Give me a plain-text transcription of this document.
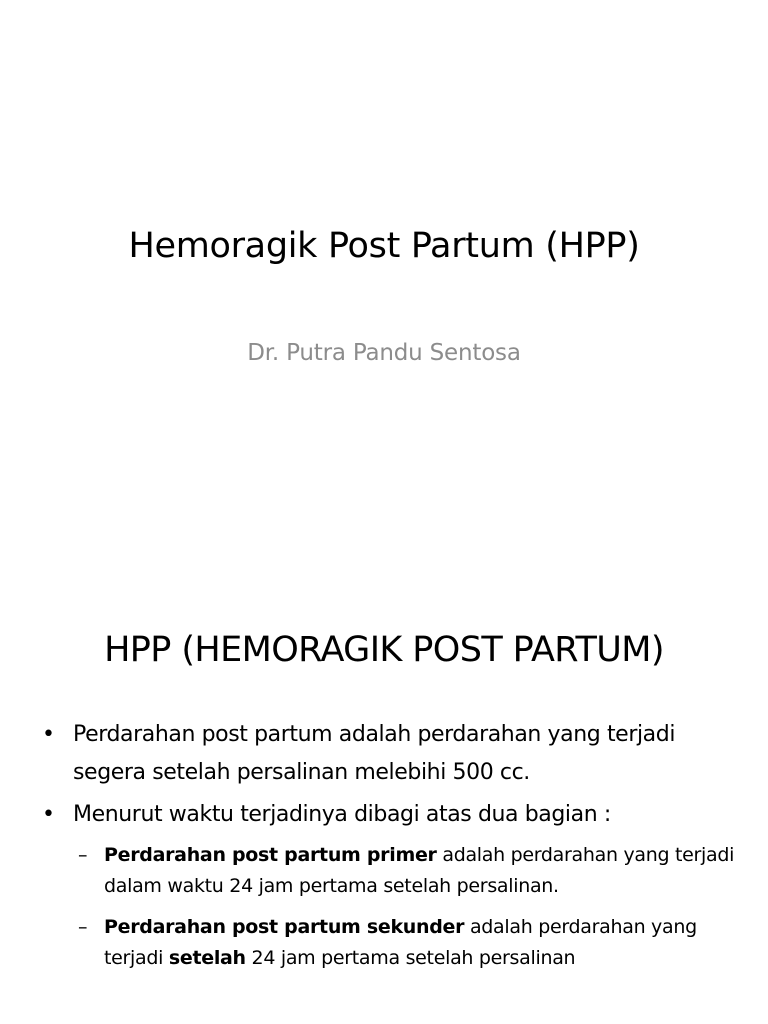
Hemoragik Post Partum (HPP)
Dr. Putra Pandu Sentosa
HPP (HEMORAGIK POST PARTUM)
• Perdarahan post partum adalah perdarahan yang terjadi segera setelah persalinan melebihi 500 cc.
• Menurut waktu terjadinya dibagi atas dua bagian :
– Perdarahan post partum primer adalah perdarahan yang terjadi dalam waktu 24 jam pertama setelah persalinan.
– Perdarahan post partum sekunder adalah perdarahan yang terjadi setelah 24 jam pertama setelah persalinan
